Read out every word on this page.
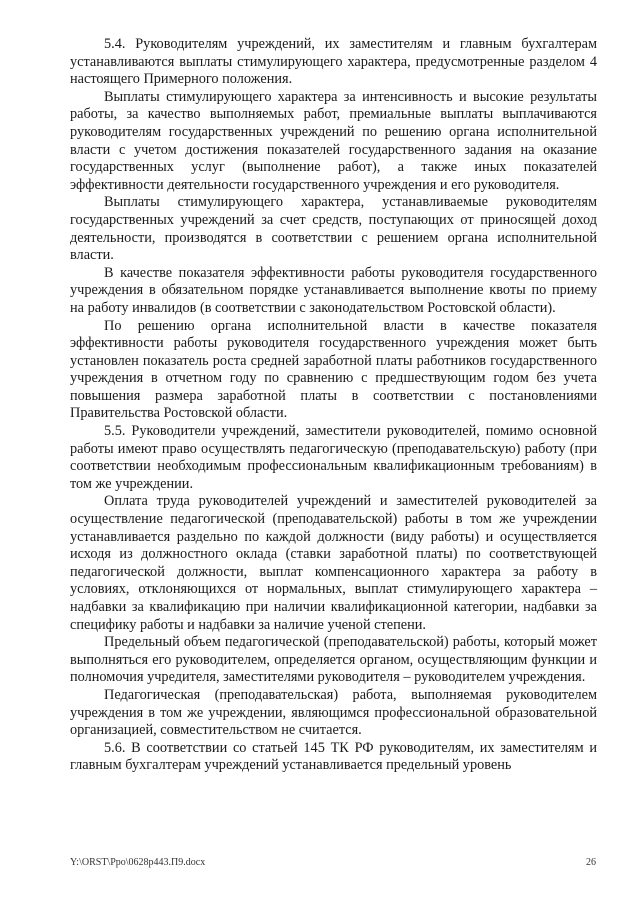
5.4. Руководителям учреждений, их заместителям и главным бухгалтерам устанавливаются выплаты стимулирующего характера, предусмотренные разделом 4 настоящего Примерного положения.

Выплаты стимулирующего характера за интенсивность и высокие результаты работы, за качество выполняемых работ, премиальные выплаты выплачиваются руководителям государственных учреждений по решению органа исполнительной власти с учетом достижения показателей государственного задания на оказание государственных услуг (выполнение работ), а также иных показателей эффективности деятельности государственного учреждения и его руководителя.

Выплаты стимулирующего характера, устанавливаемые руководителям государственных учреждений за счет средств, поступающих от приносящей доход деятельности, производятся в соответствии с решением органа исполнительной власти.

В качестве показателя эффективности работы руководителя государственного учреждения в обязательном порядке устанавливается выполнение квоты по приему на работу инвалидов (в соответствии с законодательством Ростовской области).

По решению органа исполнительной власти в качестве показателя эффективности работы руководителя государственного учреждения может быть установлен показатель роста средней заработной платы работников государственного учреждения в отчетном году по сравнению с предшествующим годом без учета повышения размера заработной платы в соответствии с постановлениями Правительства Ростовской области.

5.5. Руководители учреждений, заместители руководителей, помимо основной работы имеют право осуществлять педагогическую (преподавательскую) работу (при соответствии необходимым профессиональным квалификационным требованиям) в том же учреждении.

Оплата труда руководителей учреждений и заместителей руководителей за осуществление педагогической (преподавательской) работы в том же учреждении устанавливается раздельно по каждой должности (виду работы) и осуществляется исходя из должностного оклада (ставки заработной платы) по соответствующей педагогической должности, выплат компенсационного характера за работу в условиях, отклоняющихся от нормальных, выплат стимулирующего характера – надбавки за квалификацию при наличии квалификационной категории, надбавки за специфику работы и надбавки за наличие ученой степени.

Предельный объем педагогической (преподавательской) работы, который может выполняться его руководителем, определяется органом, осуществляющим функции и полномочия учредителя, заместителями руководителя – руководителем учреждения.

Педагогическая (преподавательская) работа, выполняемая руководителем учреждения в том же учреждении, являющимся профессиональной образовательной организацией, совместительством не считается.

5.6. В соответствии со статьей 145 ТК РФ руководителям, их заместителям и главным бухгалтерам учреждений устанавливается предельный уровень

Y:\ORST\Ppo\0628p443.П9.docx	26
